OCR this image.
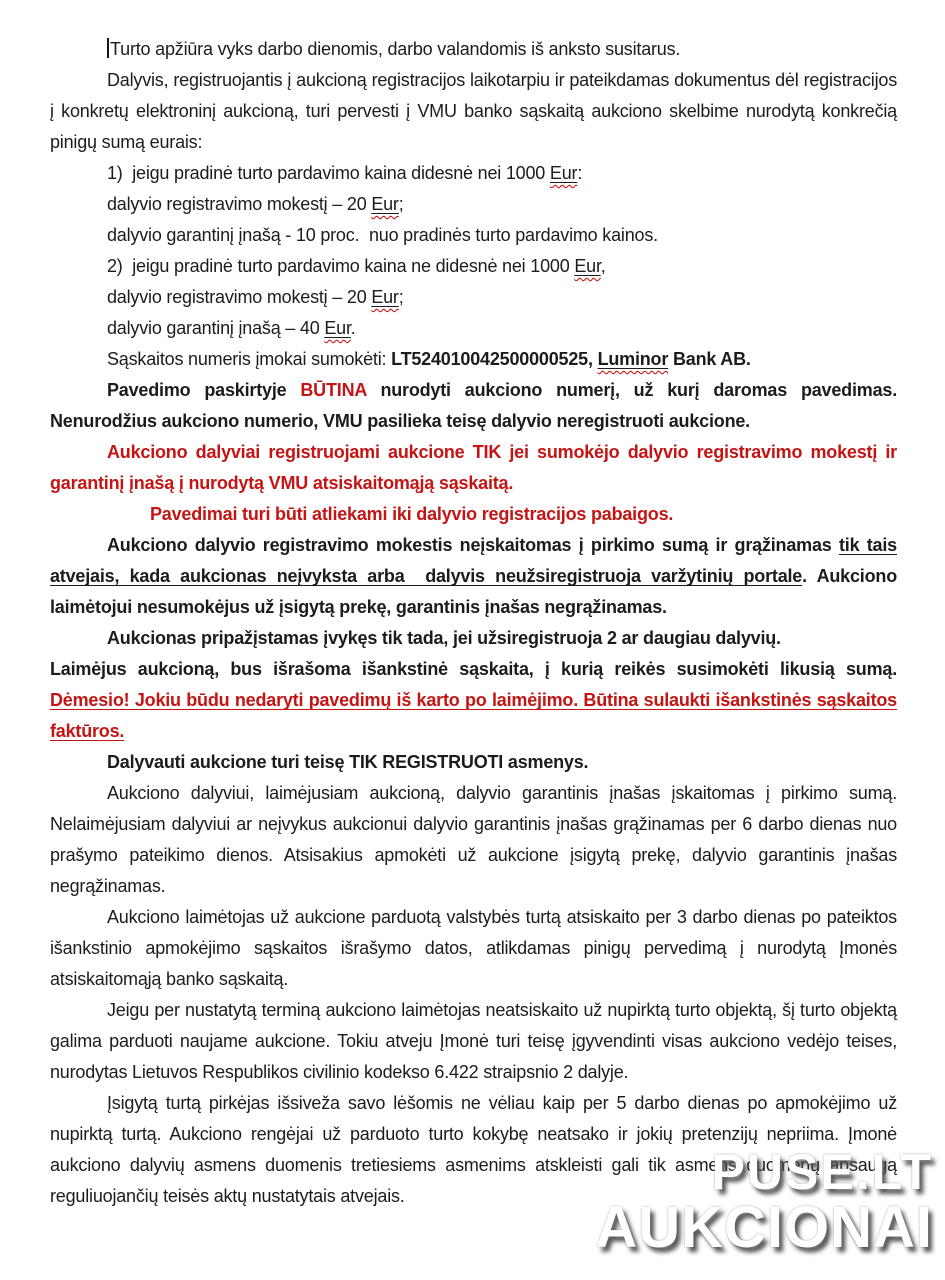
Turto apžiūra vyks darbo dienomis, darbo valandomis iš anksto susitarus.

Dalyvis, registruojantis į aukcioną registracijos laikotarpiu ir pateikdamas dokumentus dėl registracijos į konkretų elektroninį aukcioną, turi pervesti į VMU banko sąskaitą aukciono skelbime nurodytą konkrečią pinigų sumą eurais:

1)  jeigu pradinė turto pardavimo kaina didesnė nei 1000 Eur:

dalyvio registravimo mokestį – 20 Eur;

dalyvio garantinį įnašą - 10 proc.  nuo pradinės turto pardavimo kainos.

2)  jeigu pradinė turto pardavimo kaina ne didesnė nei 1000 Eur,

dalyvio registravimo mokestį – 20 Eur;

dalyvio garantinį įnašą – 40 Eur.

Sąskaitos numeris įmokai sumokėti: LT524010042500000525, Luminor Bank AB.

Pavedimo paskirtyje BŪTINA nurodyti aukciono numerį, už kurį daromas pavedimas. Nenurodžius aukciono numerio, VMU pasilieka teisę dalyvio neregistruoti aukcione.

Aukciono dalyviai registruojami aukcione TIK jei sumokėjo dalyvio registravimo mokestį ir garantinį įnašą į nurodytą VMU atsiskaitomąją sąskaitą.

Pavedimai turi būti atliekami iki dalyvio registracijos pabaigos.

Aukciono dalyvio registravimo mokestis neįskaitomas į pirkimo sumą ir grąžinamas tik tais atvejais, kada aukcionas neįvyksta arba  dalyvis neužsiregistruoja varžytinių portale. Aukciono laimėtojui nesumokėjus už įsigytą prekę, garantinis įnašas negrąžinamas.

Aukcionas pripažįstamas įvykęs tik tada, jei užsiregistruoja 2 ar daugiau dalyvių.

Laimėjus aukcioną, bus išrašoma išankstinė sąskaita, į kurią reikės susimokėti likusią sumą.

Dėmesio! Jokiu būdu nedaryti pavedimų iš karto po laimėjimo. Būtina sulaukti išankstinės sąskaitos faktūros.

Dalyvauti aukcione turi teisę TIK REGISTRUOTI asmenys.

Aukciono dalyviui, laimėjusiam aukcioną, dalyvio garantinis įnašas įskaitomas į pirkimo sumą. Nelaimėjusiam dalyviui ar neįvykus aukcionui dalyvio garantinis įnašas grąžinamas per 6 darbo dienas nuo prašymo pateikimo dienos. Atsisakius apmokėti už aukcione įsigytą prekę, dalyvio garantinis įnašas negrąžinamas.

Aukciono laimėtojas už aukcione parduotą valstybės turtą atsiskaito per 3 darbo dienas po pateiktos išankstinio apmokėjimo sąskaitos išrašymo datos, atlikdamas pinigų pervedimą į nurodytą Įmonės atsiskaitomąją banko sąskaitą.

Jeigu per nustatytą terminą aukciono laimėtojas neatsiskaito už nupirktą turto objektą, šį turto objektą galima parduoti naujame aukcione. Tokiu atveju Įmonė turi teisę įgyvendinti visas aukciono vedėjo teises, nurodytas Lietuvos Respublikos civilinio kodekso 6.422 straipsnio 2 dalyje.

Įsigytą turtą pirkėjas išsiveža savo lėšomis ne vėliau kaip per 5 darbo dienas po apmokėjimo už nupirktą turtą. Aukciono rengėjai už parduoto turto kokybę neatsako ir jokių pretenzijų nepriima. Įmonė aukciono dalyvių asmens duomenis tretiesiems asmenims atskleisti gali tik asmens duomenų apsaugą reguliuojančių teisės aktų nustatytais atvejais.	PUSE.LT
AUKCIONAI
